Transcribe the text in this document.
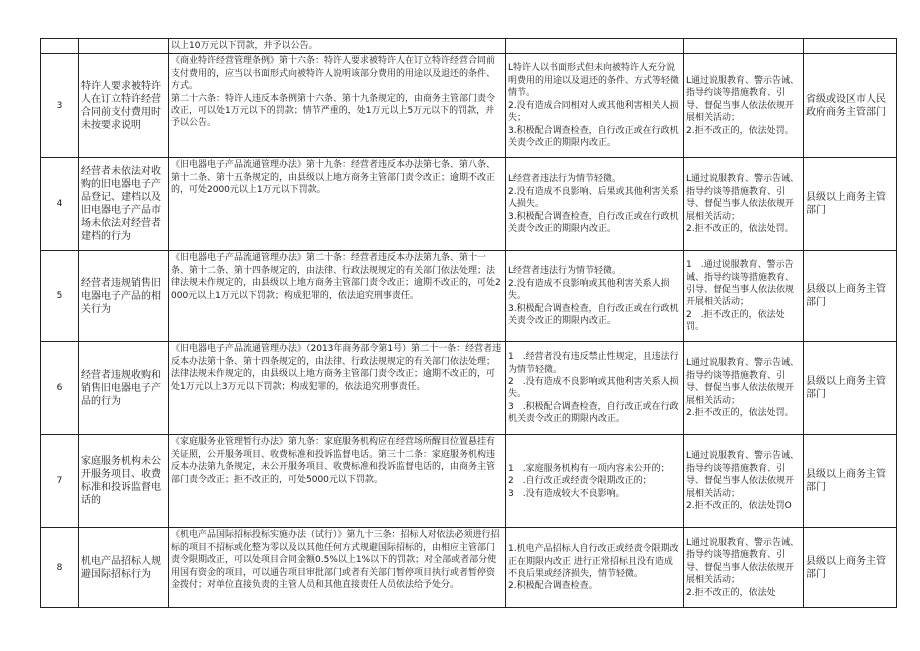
		以上10万元以下罚款，并予以公告。			

3	特许人要求被特许人在订立特许经营合同前支付费用时未按要求说明	《商业特许经营管理条例》第十六条：特许人要求被特许人在订立特许经营合同前支付费用的，应当以书面形式向被特许人说明该部分费用的用途以及退还的条件、方式。
第二十六条：特许人违反本条例第十六条、第十九条规定的，由商务主管部门责令改正，可以处1万元以下的罚款；情节严重的，处1万元以上5万元以下的罚款，并予以公告。	L特许人以书面形式但未向被特许人充分说明费用的用途以及退还的条件、方式等轻微情节。
2.没有造成合同相对人或其他利害相关人损失；
3.积极配合调查检查，自行改正或在行政机关责令改正的期限内改正。	L通过说服教育、警示告诫、指导约谈等措施教育、引导、督促当事人依法依规开展相关活动；
2.拒不改正的，依法处罚。	省级或设区市人民政府商务主管部门
4	经营者未依法对收购的旧电器电子产品登记、建档以及旧电器电子产品市场未依法对经营者建档的行为	《旧电器电子产品流通管理办法》第十九条：经营者违反本办法第七条、第八条、第十二条、第十五条规定的，由县级以上地方商务主管部门责令改正；逾期不改正的，可处2000元以上1万元以下罚款。	L经营者违法行为情节轻微。
2.没有造成不良影响、后果或其他利害关系人损失。
3.积极配合调查检查，自行改正或在行政机关责令改正的期限内改正。	L通过说服教育、警示告诫、指导约谈等措施教育、引导、督促当事人依法依规开展相关活动；
2.拒不改正的，依法处罚。	县级以上商务主管部门
5	经营者违规销售旧电器电子产品的相关行为	《旧电器电子产品流通管理办法》第二十条：经营者违反本办法第九条、第十一条、第十二条、第十四条规定的，由法律、行政法规规定的有关部门依法处理；法律法规未作规定的，由县级以上地方商务主管部门责令改正；逾期不改正的，可处2000元以上1万元以下罚款；构成犯罪的，依法追究刑事责任。	L经营者违法行为情节轻微。
2.没有造成不良影响或其他利害关系人损失。
3.积极配合调查检查，自行改正或在行政机关责令改正的期限内改正。	1　.通过说服教育、警示告诫、指导约谈等措施教育、引导、督促当事人依法依规开展相关活动；
2　.拒不改正的，依法处罚。	县级以上商务主管部门
6	经营者违规收购和销售旧电器电子产品的行为	《旧电器电子产品流通管理办法》（2013年商务部令第1号）第二十一条：经营者违反本办法第十条、第十四条规定的，由法律、行政法规规定的有关部门依法处理；法律法规未作规定的，由县级以上地方商务主管部门责令改正；逾期不改正的，可处1万元以上3万元以下罚款；构成犯罪的，依法追究刑事责任。	1　.经营者没有违反禁止性规定，且违法行为情节轻微。
2　.没有造成不良影响或其他利害关系人损失。
3　.积极配合调查检查，自行改正或在行政机关责令改正的期限内改正。	L通过说服教育、警示告诫、指导约谈等措施教育、引导、督促当事人依法依规开展相关活动；
2.拒不改正的，依法处罚。	县级以上商务主管部门
7	家庭服务机构未公开服务项目、收费标准和投诉监督电话的	《家庭服务业管理暂行办法》第九条：家庭服务机构应在经营场所醒目位置悬挂有关证照，公开服务项目、收费标准和投诉监督电话。第三十二条：家庭服务机构违反本办法第九条规定，未公开服务项目、收费标准和投诉监督电话的，由商务主管部门责令改正；拒不改正的，可处5000元以下罚款。	1　.家庭服务机构有一项内容未公开的；
2　.自行改正或经责令限期改正的；
3　.没有造成较大不良影响。	L通过说服教育、警示告诫、指导约谈等措施教育、引导、督促当事人依法依规开展相关活动；
2.拒不改正的，依法处罚O	县级以上商务主管部门
8	机电产品招标人规避国际招标行为	《机电产品国际招标投标实施办法（试行）》第九十三条：招标人对依法必须进行招标的项目不招标或化整为零以及以其他任何方式规避国际招标的，由相应主管部门责令限期改正，可以处项目合同金额0.5%以上1%以下的罚款；对全部或者部分使用国有资金的项目，可以通告项目审批部门或者有关部门暂停项目执行或者暂停资金拨付；对单位直接负责的主管人员和其他直接责任人员依法给予处分。	1.机电产品招标人自行改正或经责令限期改正在期限内改正 进行正常招标且没有造成不良后果或经济损失，情节轻微。
2.积极配合调查检查。	L通过说服教育、警示告诫、指导约谈等措施教育、引导、督促当事人依法依规开展相关活动；
2.拒不改正的，依法处	县级以上商务主管部门
